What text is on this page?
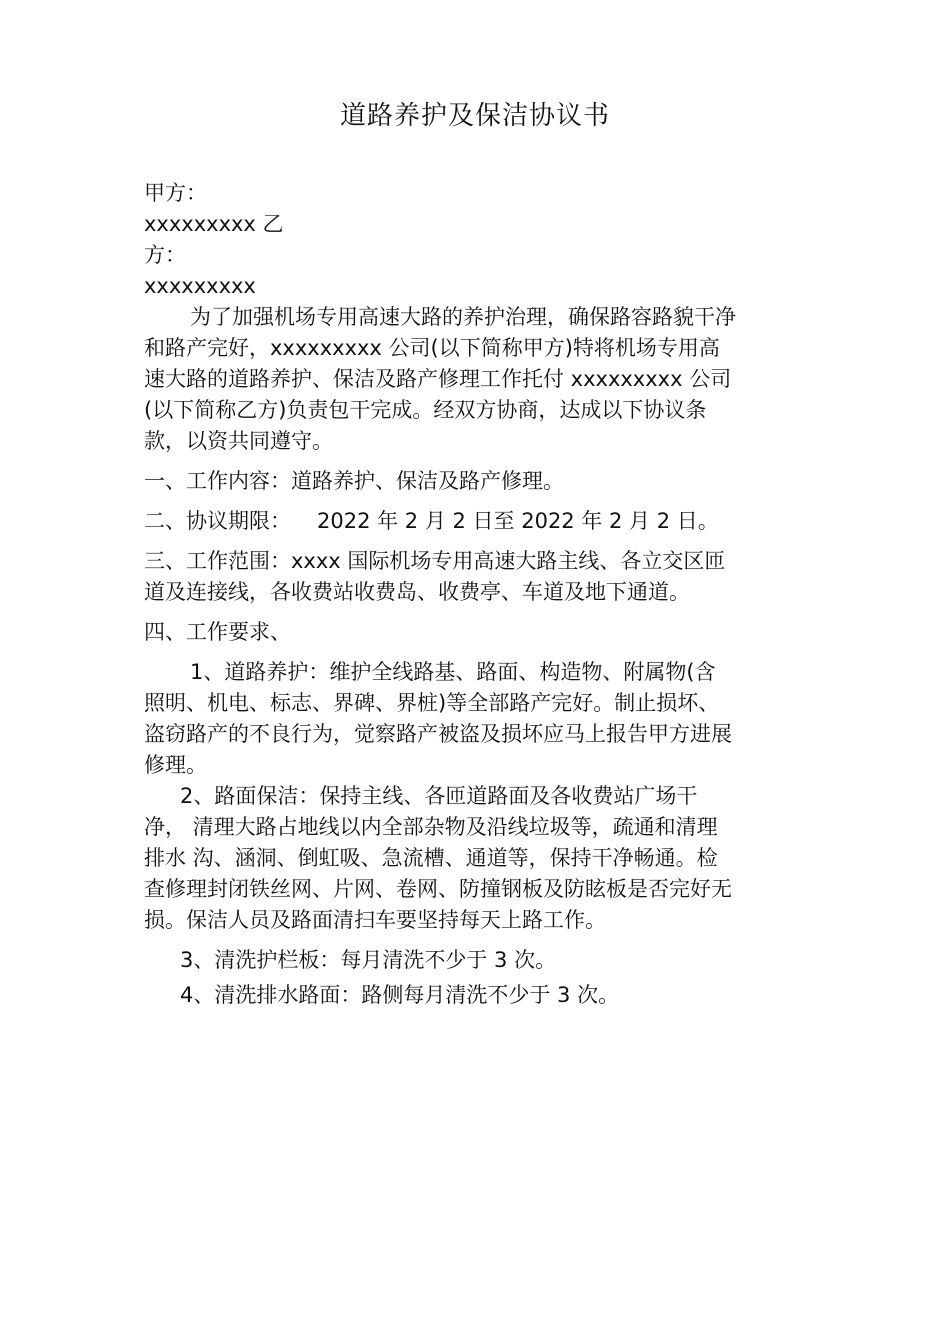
道路养护及保洁协议书

甲方：

xxxxxxxxx 乙

方：

xxxxxxxxx

为了加强机场专用高速大路的养护治理，确保路容路貌干净

和路产完好，xxxxxxxxx 公司(以下简称甲方)特将机场专用高

速大路的道路养护、保洁及路产修理工作托付 xxxxxxxxx 公司

(以下简称乙方)负责包干完成。经双方协商，达成以下协议条

款，以资共同遵守。

一、工作内容：道路养护、保洁及路产修理。

二、协议期限： 2022 年 2 月 2 日至 2022 年 2 月 2 日。

三、工作范围：xxxx 国际机场专用高速大路主线、各立交区匝

道及连接线，各收费站收费岛、收费亭、车道及地下通道。

四、工作要求、

1、道路养护：维护全线路基、路面、构造物、附属物(含

照明、机电、标志、界碑、界桩)等全部路产完好。制止损坏、

盗窃路产的不良行为，觉察路产被盗及损坏应马上报告甲方进展

修理。

2、路面保洁：保持主线、各匝道路面及各收费站广场干

净， 清理大路占地线以内全部杂物及沿线垃圾等，疏通和清理

排水 沟、涵洞、倒虹吸、急流槽、通道等，保持干净畅通。检

查修理封闭铁丝网、片网、卷网、防撞钢板及防眩板是否完好无

损。保洁人员及路面清扫车要坚持每天上路工作。

3、清洗护栏板：每月清洗不少于 3 次。

4、清洗排水路面：路侧每月清洗不少于 3 次。
